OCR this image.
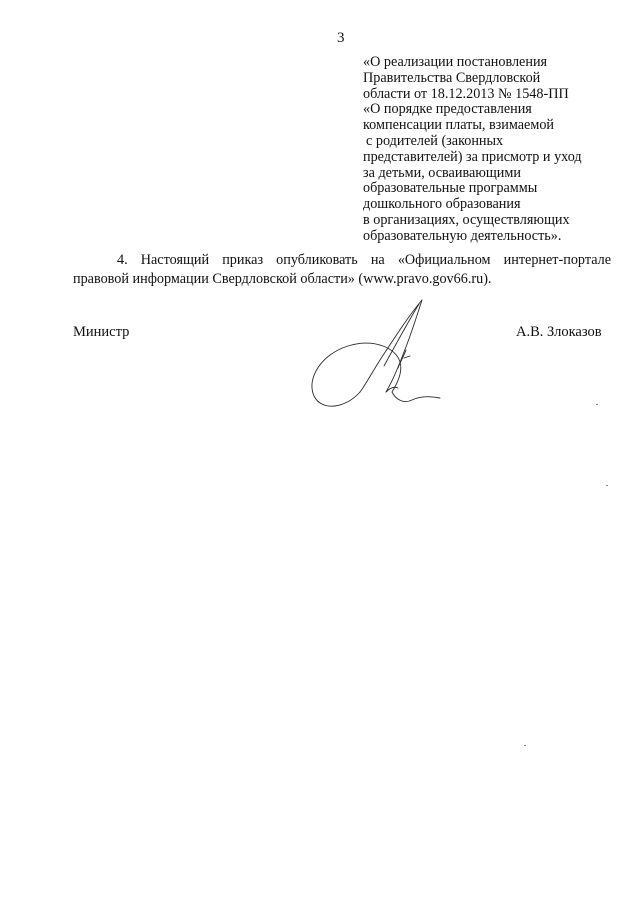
3
«О реализации постановления
Правительства Свердловской
области от 18.12.2013 № 1548-ПП
«О порядке предоставления
компенсации платы, взимаемой
с родителей (законных
представителей) за присмотр и уход
за детьми, осваивающими
образовательные программы
дошкольного образования
в организациях, осуществляющих
образовательную деятельность».
4. Настоящий приказ опубликовать на «Официальном интернет-портале
правовой информации Свердловской области» (www.pravo.gov66.ru).
Министр	А.В. Злоказов
